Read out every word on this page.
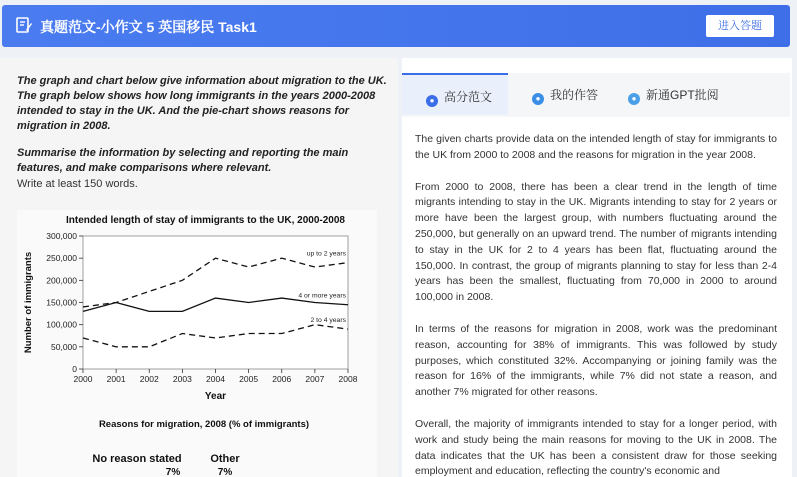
真题范文-小作文 5 英国移民 Task1	进入答题

The graph and chart below give information about migration to the UK. The graph below shows how long immigrants in the years 2000-2008 intended to stay in the UK. And the pie-chart shows reasons for migration in 2008.

Summarise the information by selecting and reporting the main features, and make comparisons where relevant.

Write at least 150 words.
Intended length of stay of immigrants to the UK, 2000-2008
0
50,000
100,000
150,000
200,000
250,000
300,000
2000 2001 2002 2003 2004 2005 2006 2007 2008
Year
Number of immigrants	up to 2 years
4 or more years
2 to 4 years
Reasons for migration, 2008 (% of immigrants)
No reason stated
7%
Other
7%
● 高分范文	● 我的作答	● 新通GPT批阅

The given charts provide data on the intended length of stay for immigrants to the UK from 2000 to 2008 and the reasons for migration in the year 2008.

From 2000 to 2008, there has been a clear trend in the length of time migrants intending to stay in the UK. Migrants intending to stay for 2 years or more have been the largest group, with numbers fluctuating around the 250,000, but generally on an upward trend. The number of migrants intending to stay in the UK for 2 to 4 years has been flat, fluctuating around the 150,000. In contrast, the group of migrants planning to stay for less than 2-4 years has been the smallest, fluctuating from 70,000 in 2000 to around 100,000 in 2008.

In terms of the reasons for migration in 2008, work was the predominant reason, accounting for 38% of immigrants. This was followed by study purposes, which constituted 32%. Accompanying or joining family was the reason for 16% of the immigrants, while 7% did not state a reason, and another 7% migrated for other reasons.

Overall, the majority of immigrants intended to stay for a longer period, with work and study being the main reasons for moving to the UK in 2008. The data indicates that the UK has been a consistent draw for those seeking employment and education, reflecting the country's economic and
